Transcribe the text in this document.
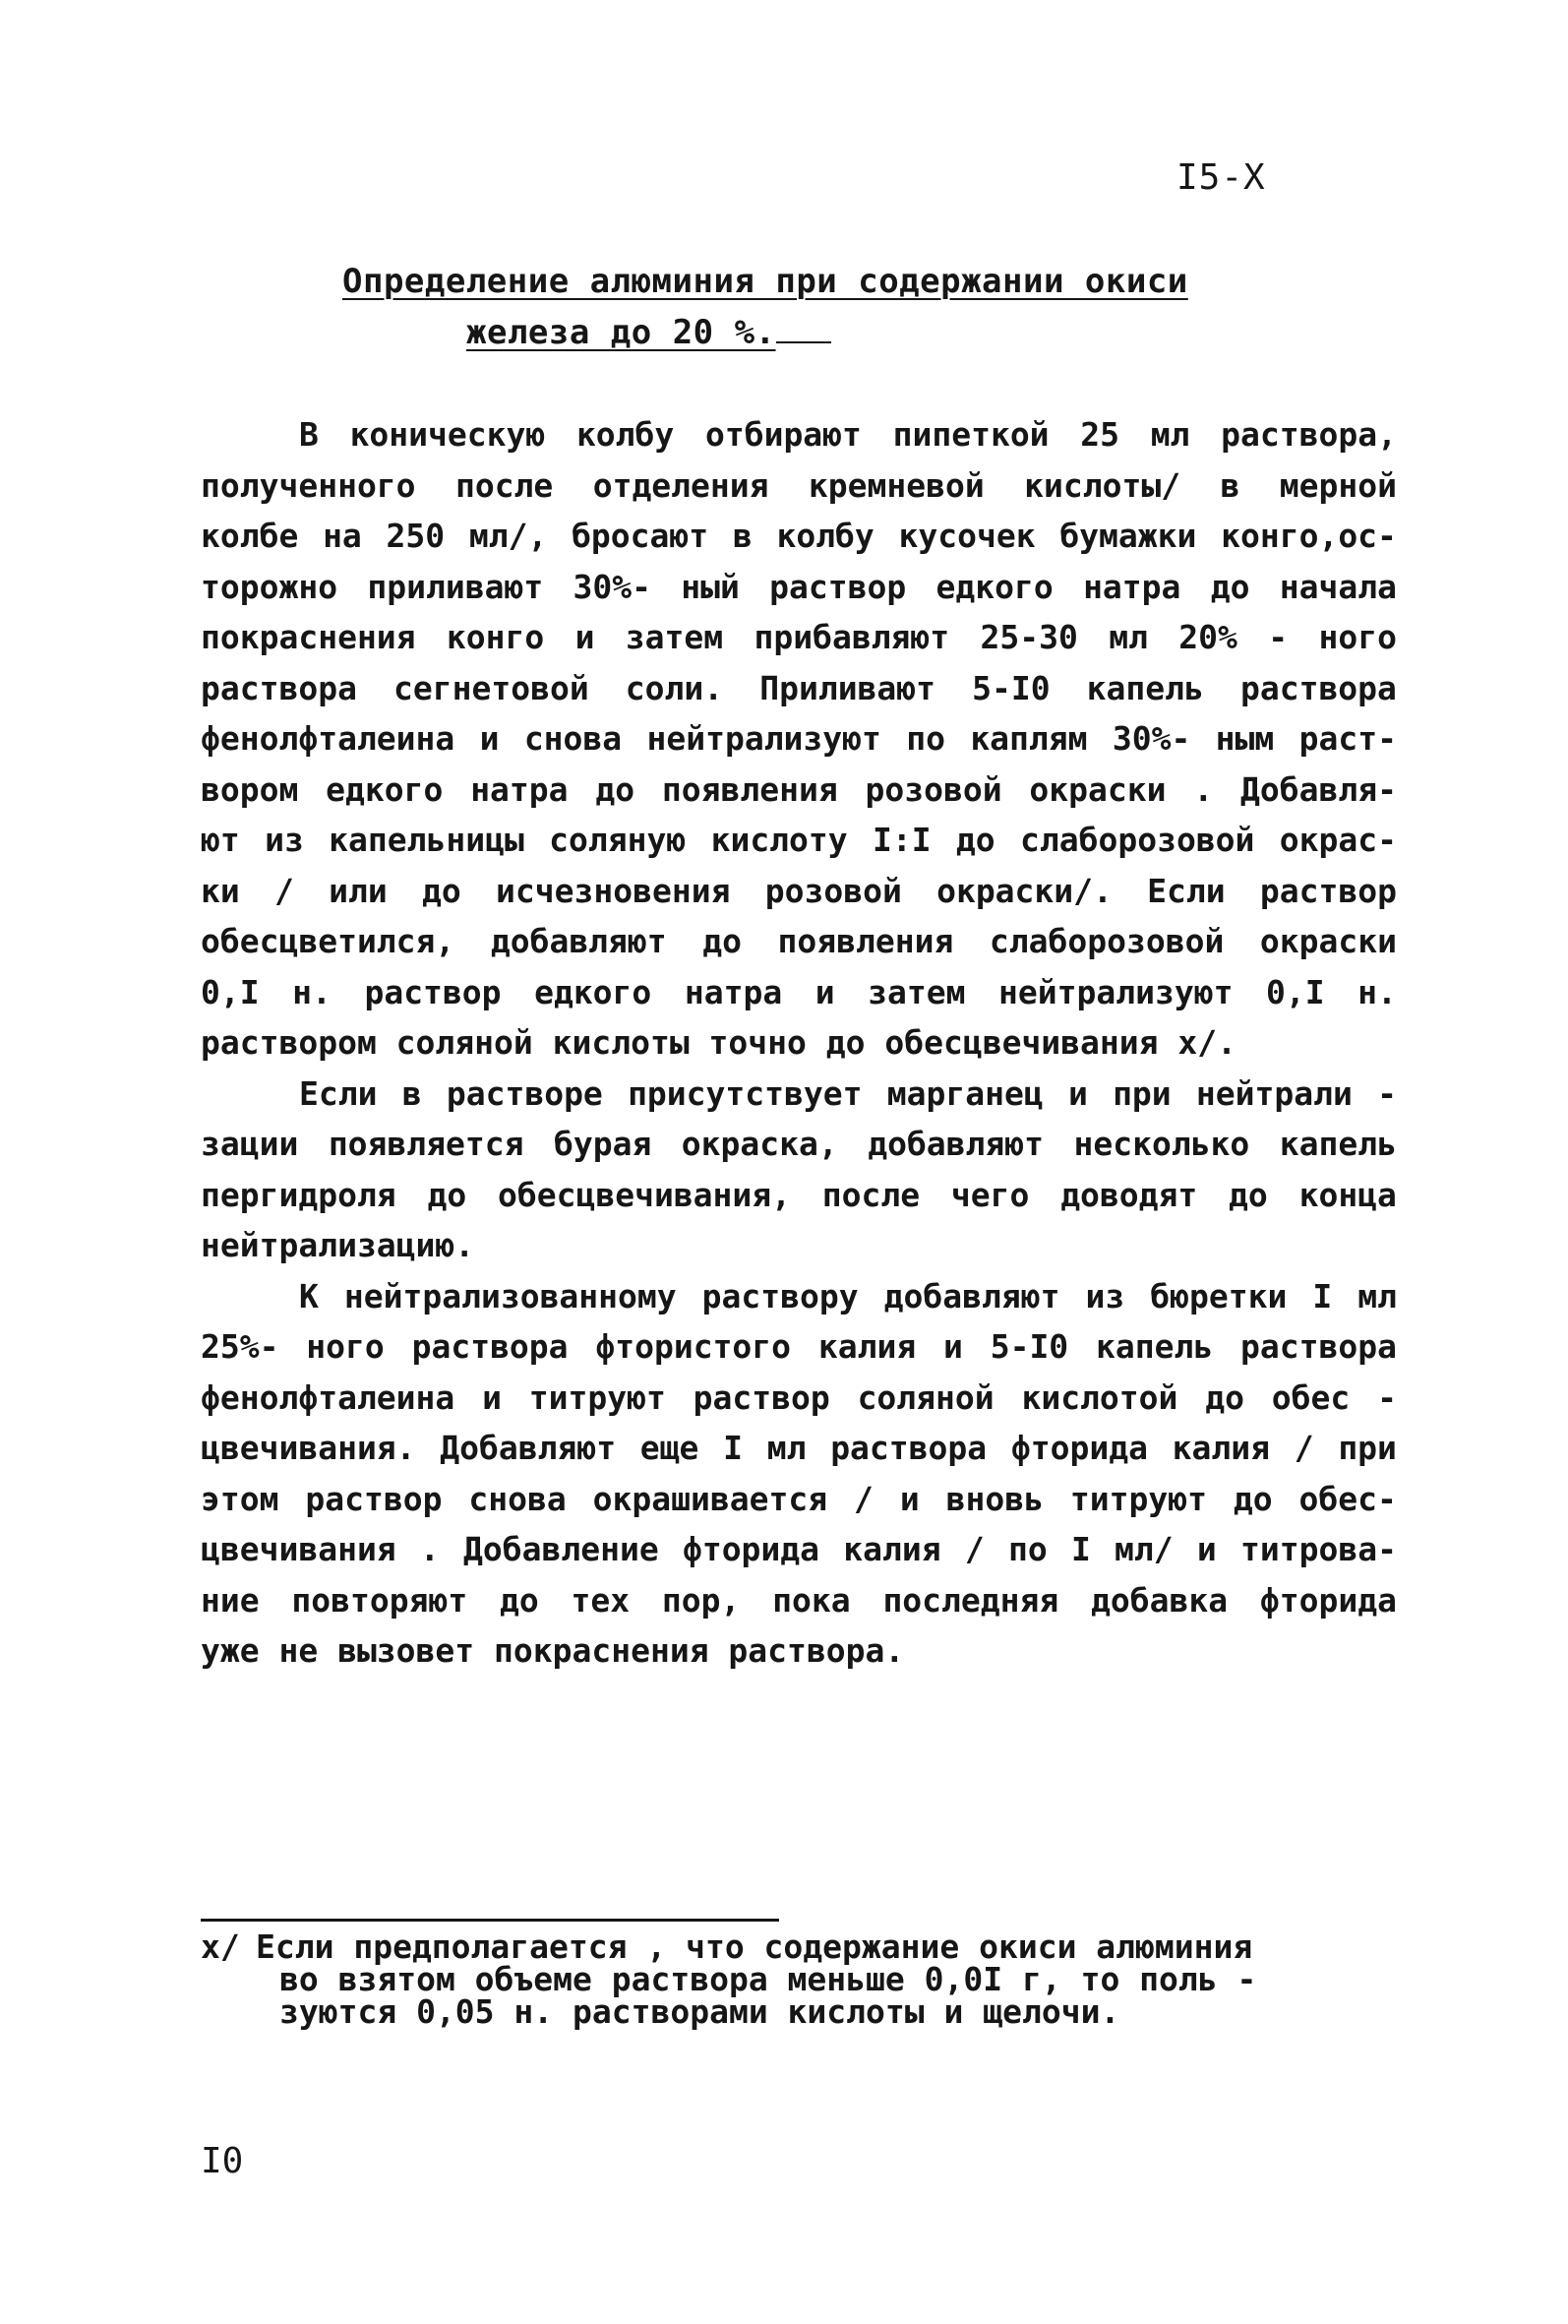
I5-X
Определение алюминия при содержании окиси
железа до 20 %.
В коническую колбу отбирают пипеткой 25 мл раствора,
полученного после отделения кремневой кислоты/ в мерной
колбе на 250 мл/, бросают в колбу кусочек бумажки конго,ос-
торожно приливают 30%- ный раствор едкого натра до начала
покраснения конго и затем прибавляют 25-30 мл 20% - ного
раствора сегнетовой соли. Приливают 5-I0 капель раствора
фенолфталеина и снова нейтрализуют по каплям 30%- ным раст-
вором едкого натра до появления розовой окраски . Добавля-
ют из капельницы соляную кислоту I:I до слаборозовой окрас-
ки / или до исчезновения розовой окраски/. Если раствор
обесцветился, добавляют до появления слаборозовой окраски
0,I н. раствор едкого натра и затем нейтрализуют 0,I н.
раствором соляной кислоты точно до обесцвечивания х/.
Если в растворе присутствует марганец и при нейтрали -
зации появляется бурая окраска, добавляют несколько капель
пергидроля до обесцвечивания, после чего доводят до конца
нейтрализацию.
К нейтрализованному раствору добавляют из бюретки I мл
25%- ного раствора фтористого калия и 5-I0 капель раствора
фенолфталеина и титруют раствор соляной кислотой до обес -
цвечивания. Добавляют еще I мл раствора фторида калия / при
этом раствор снова окрашивается / и вновь титруют до обес-
цвечивания . Добавление фторида калия / по I мл/ и титрова-
ние повторяют до тех пор, пока последняя добавка фторида
уже не вызовет покраснения раствора.
х/ Если предполагается , что содержание окиси алюминия
во взятом объеме раствора меньше 0,0I г, то поль -
зуются 0,05 н. растворами кислоты и щелочи.
I0
